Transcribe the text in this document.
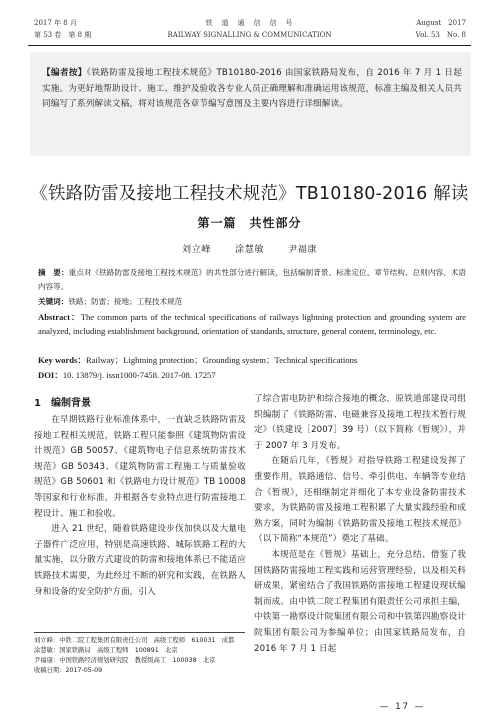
2017 年 8 月
第 53 卷　第 8 期
铁　道　通　信　信　号
RAILWAY SIGNALLING & COMMUNICATION
August　2017
Vol. 53　No. 8
【编者按】《铁路防雷及接地工程技术规范》TB10180-2016 由国家铁路局发布，自 2016 年 7 月 1 日起实施。为更好地帮助设计、施工、维护及验收各专业人员正确理解和准确运用该规范，标准主编及相关人员共同编写了系列解读文稿，将对该规范各章节编写意图及主要内容进行详细解读。
《铁路防雷及接地工程技术规范》TB10180-2016 解读
第一篇　共性部分
刘立峰	涂慧敏	尹福康
摘　要：重点对《铁路防雷及接地工程技术规范》的共性部分进行解读，包括编制背景、标准定位、章节结构、总则内容、术语内容等。
关键词：铁路；防雷；接地；工程技术规范
Abstract：The common parts of the technical specifications of railways lightning protection and grounding system are analyzed, including establishment background, orientation of standards, structure, general content, terminology, etc.
Key words：Railway；Lightning protection；Grounding system；Technical specifications
DOI：10. 13879/j. issn1000-7458. 2017-08. 17257
1　编制背景

在早期铁路行业标准体系中，一直缺乏铁路防雷及接地工程相关规范，铁路工程只能参照《建筑物防雷设计规范》GB 50057、《建筑物电子信息系统防雷技术规范》GB 50343、《建筑物防雷工程施工与质量验收规范》GB 50601 和《铁路电力设计规范》TB 10008 等国家和行业标准，并根据各专业特点进行防雷接地工程设计、施工和验收。

进入 21 世纪，随着铁路建设步伐加快以及大量电子器件广泛应用，特别是高速铁路、城际铁路工程的大量实施，以分散方式建设的防雷和接地体系已不能适应铁路技术需要，为此经过不断的研究和实践，在铁路人身和设备的安全防护方面，引入

了综合雷电防护和综合接地的概念，原铁道部建设司组织编制了《铁路防雷、电磁兼容及接地工程技术暂行规定》（铁建设［2007］39 号）（以下简称《暂规》），并于 2007 年 3 月发布。

在随后几年，《暂规》对指导铁路工程建设发挥了重要作用，铁路通信、信号、牵引供电、车辆等专业结合《暂规》，还相继制定并细化了本专业设备防雷技术要求，为铁路防雷及接地工程积累了大量实践经验和成熟方案，同时为编制《铁路防雷及接地工程技术规范》（以下简称“本规范”）奠定了基础。

本规范是在《暂规》基础上，充分总结、借鉴了我国铁路防雷接地工程实践和运营管理经验，以及相关科研成果，紧密结合了我国铁路防雷接地工程建设现状编制而成。由中铁二院工程集团有限责任公司承担主编，中铁第一勘察设计院集团有限公司和中铁第四勘察设计院集团有限公司为参编单位；由国家铁路局发布，自 2016 年 7 月 1 日起

刘立峰：中铁二院工程集团有限责任公司　高级工程师　610031　成都
涂慧敏：国家铁路局　高级工程师　100891　北京
尹福康：中国铁路经济规划研究院　教授级高工　100038　北京
收稿日期：2017-05-09
— 17 —
